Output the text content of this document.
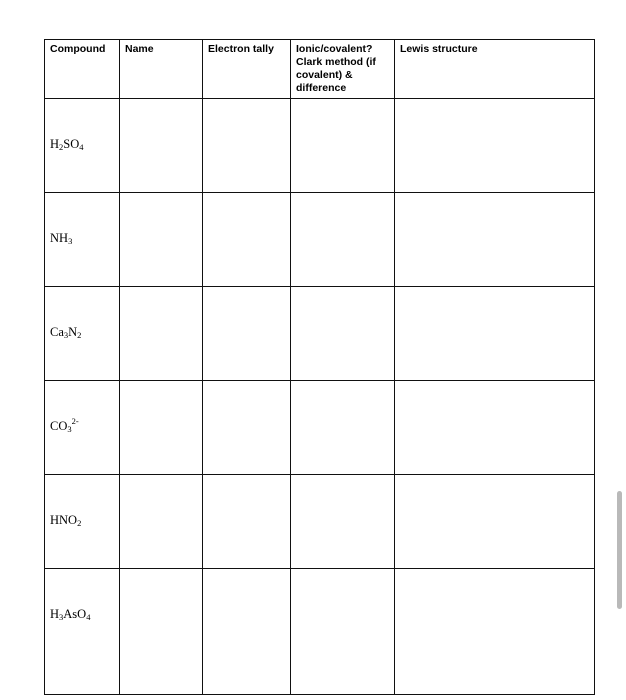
Compound	Name	Electron tally	Ionic/covalent? Clark method (if covalent) & difference	Lewis structure
$H_2SO_4$				
$NH_3$				
$Ca_3N_2$				
$CO_3^{2-}$				
$HNO_2$				
$H_3AsO_4$				
